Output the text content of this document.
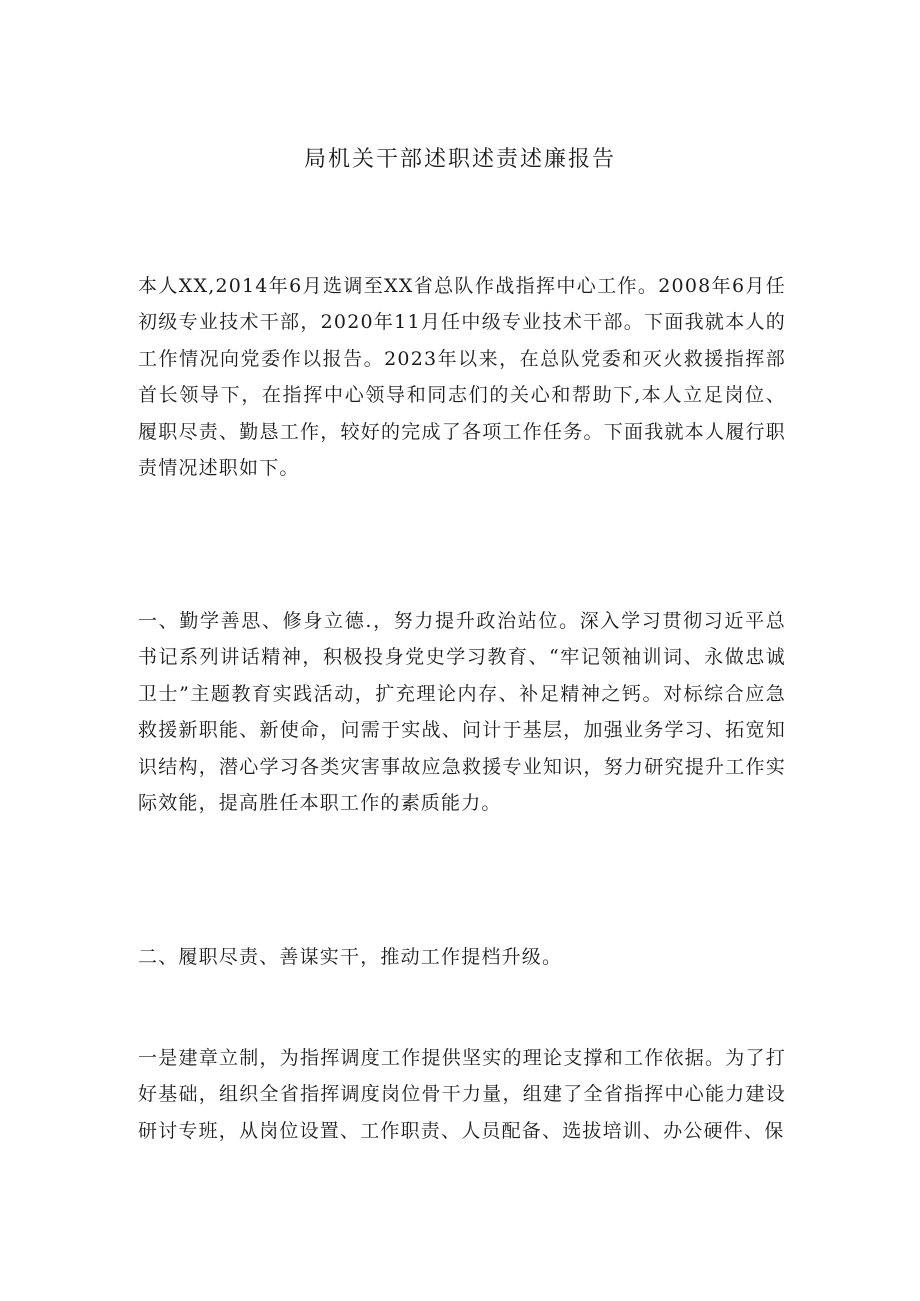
局机关干部述职述责述廉报告

本人XX,2014年6月选调至XX省总队作战指挥中心工作。2008年6月任初级专业技术干部，2020年11月任中级专业技术干部。下面我就本人的工作情况向党委作以报告。2023年以来，在总队党委和灭火救援指挥部首长领导下，在指挥中心领导和同志们的关心和帮助下,本人立足岗位、履职尽责、勤恳工作，较好的完成了各项工作任务。下面我就本人履行职责情况述职如下。

一、勤学善思、修身立德.，努力提升政治站位。深入学习贯彻习近平总书记系列讲话精神，积极投身党史学习教育、“牢记领袖训词、永做忠诚卫士”主题教育实践活动，扩充理论内存、补足精神之钙。对标综合应急救援新职能、新使命，问需于实战、问计于基层，加强业务学习、拓宽知识结构，潜心学习各类灾害事故应急救援专业知识，努力研究提升工作实际效能，提高胜任本职工作的素质能力。

二、履职尽责、善谋实干，推动工作提档升级。

一是建章立制，为指挥调度工作提供坚实的理论支撑和工作依据。为了打好基础，组织全省指挥调度岗位骨干力量，组建了全省指挥中心能力建设研讨专班，从岗位设置、工作职责、人员配备、选拔培训、办公硬件、保
